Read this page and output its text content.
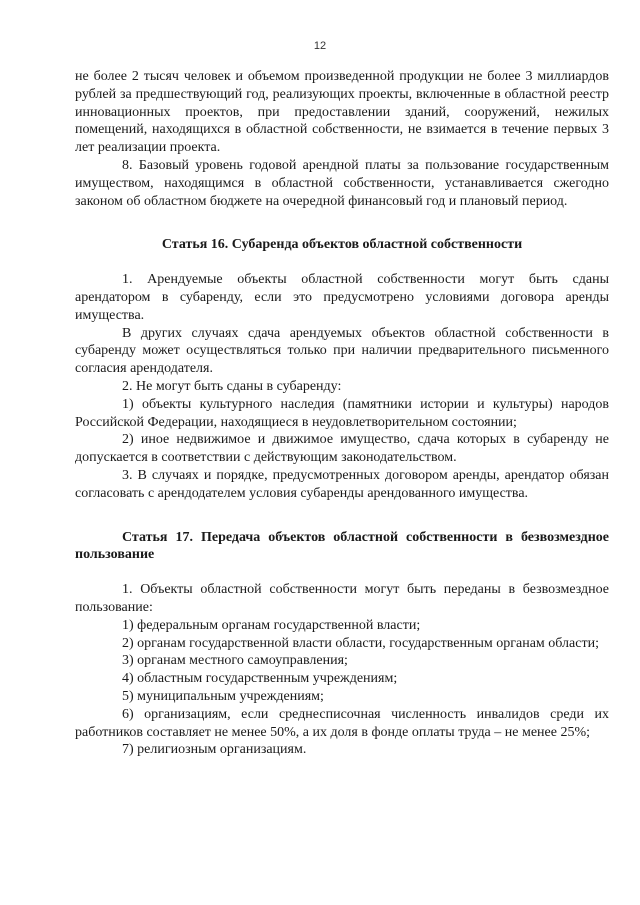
12

не более 2 тысяч человек и объемом произведенной продукции не более 3 миллиардов рублей за предшествующий год, реализующих проекты, включенные в областной реестр инновационных проектов, при предоставлении зданий, сооружений, нежилых помещений, находящихся в областной собственности, не взимается в течение первых 3 лет реализации проекта.

8. Базовый уровень годовой арендной платы за пользование государственным имуществом, находящимся в областной собственности, устанавливается сжегодно законом об областном бюджете на очередной финансовый год и плановый период.

Статья 16. Субаренда объектов областной собственности

1. Арендуемые объекты областной собственности могут быть сданы арендатором в субаренду, если это предусмотрено условиями договора аренды имущества.

В других случаях сдача арендуемых объектов областной собственности в субаренду может осуществляться только при наличии предварительного письменного согласия арендодателя.

2. Не могут быть сданы в субаренду:

1) объекты культурного наследия (памятники истории и культуры) народов Российской Федерации, находящиеся в неудовлетворительном состоянии;

2) иное недвижимое и движимое имущество, сдача которых в субаренду не допускается в соответствии с действующим законодательством.

3. В случаях и порядке, предусмотренных договором аренды, арендатор обязан согласовать с арендодателем условия субаренды арендованного имущества.

Статья 17. Передача объектов областной собственности в безвозмездное пользование

1. Объекты областной собственности могут быть переданы в безвозмездное пользование:

1) федеральным органам государственной власти;

2) органам государственной власти области, государственным органам области;

3) органам местного самоуправления;

4) областным государственным учреждениям;

5) муниципальным учреждениям;

6) организациям, если среднесписочная численность инвалидов среди их работников составляет не менее 50%, а их доля в фонде оплаты труда – не менее 25%;

7) религиозным организациям.
